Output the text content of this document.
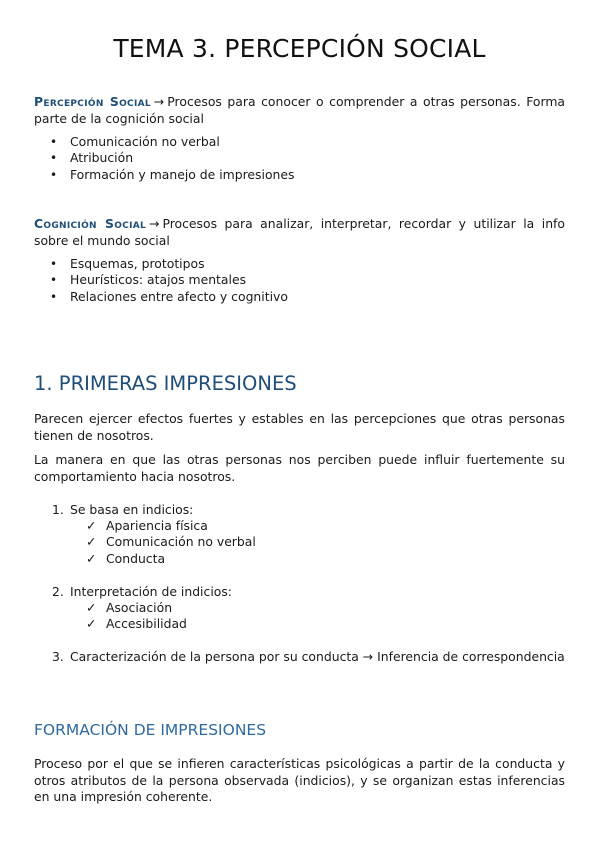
TEMA 3. PERCEPCIÓN SOCIAL
Percepción Social → Procesos para conocer o comprender a otras personas. Forma parte de la cognición social
• Comunicación no verbal
• Atribución
• Formación y manejo de impresiones
Cognición Social → Procesos para analizar, interpretar, recordar y utilizar la info sobre el mundo social
• Esquemas, prototipos
• Heurísticos: atajos mentales
• Relaciones entre afecto y cognitivo
1. PRIMERAS IMPRESIONES
Parecen ejercer efectos fuertes y estables en las percepciones que otras personas tienen de nosotros.
La manera en que las otras personas nos perciben puede influir fuertemente su comportamiento hacia nosotros.
1. Se basa en indicios:
✓ Apariencia física
✓ Comunicación no verbal
✓ Conducta
2. Interpretación de indicios:
✓ Asociación
✓ Accesibilidad
3. Caracterización de la persona por su conducta → Inferencia de correspondencia
FORMACIÓN DE IMPRESIONES
Proceso por el que se infieren características psicológicas a partir de la conducta y otros atributos de la persona observada (indicios), y se organizan estas inferencias en una impresión coherente.
